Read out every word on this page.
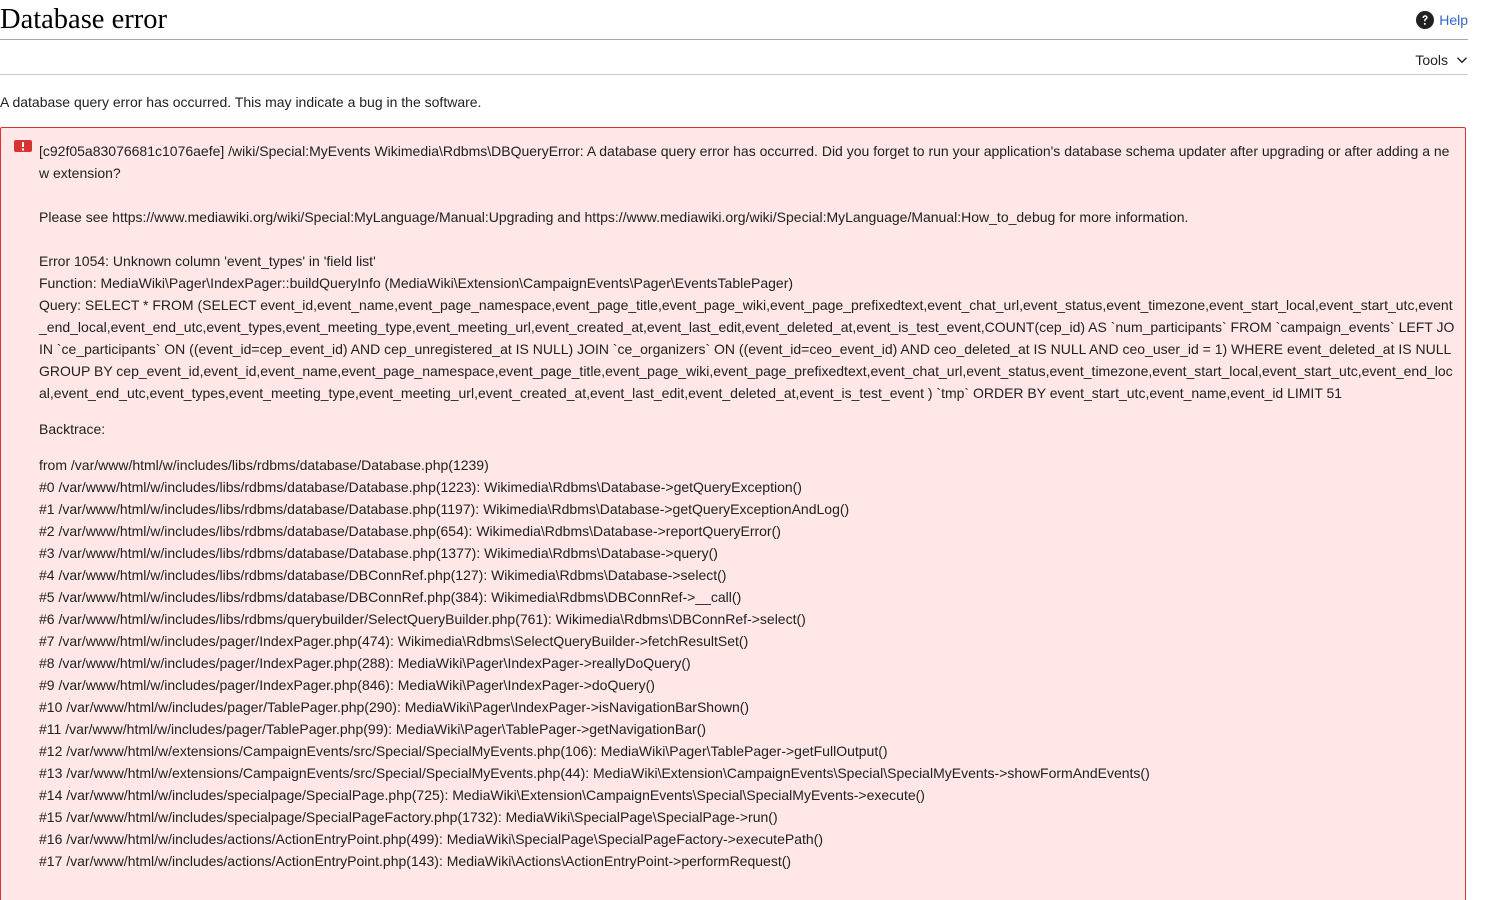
Database error	Help
Tools

A database query error has occurred. This may indicate a bug in the software.

[c92f05a83076681c1076aefe] /wiki/Special:MyEvents Wikimedia\Rdbms\DBQueryError: A database query error has occurred. Did you forget to run your application's database schema updater after upgrading or after adding a new extension?

Please see https://www.mediawiki.org/wiki/Special:MyLanguage/Manual:Upgrading and https://www.mediawiki.org/wiki/Special:MyLanguage/Manual:How_to_debug for more information.

Error 1054: Unknown column 'event_types' in 'field list'

Function: MediaWiki\Pager\IndexPager::buildQueryInfo (MediaWiki\Extension\CampaignEvents\Pager\EventsTablePager)

Query: SELECT * FROM (SELECT event_id,event_name,event_page_namespace,event_page_title,event_page_wiki,event_page_prefixedtext,event_chat_url,event_status,event_timezone,event_start_local,event_start_utc,event_end_local,event_end_utc,event_types,event_meeting_type,event_meeting_url,event_created_at,event_last_edit,event_deleted_at,event_is_test_event,COUNT(cep_id) AS `num_participants` FROM `campaign_events` LEFT JOIN `ce_participants` ON ((event_id=cep_event_id) AND cep_unregistered_at IS NULL) JOIN `ce_organizers` ON ((event_id=ceo_event_id) AND ceo_deleted_at IS NULL AND ceo_user_id = 1) WHERE event_deleted_at IS NULL GROUP BY cep_event_id,event_id,event_name,event_page_namespace,event_page_title,event_page_wiki,event_page_prefixedtext,event_chat_url,event_status,event_timezone,event_start_local,event_start_utc,event_end_local,event_end_utc,event_types,event_meeting_type,event_meeting_url,event_created_at,event_last_edit,event_deleted_at,event_is_test_event ) `tmp` ORDER BY event_start_utc,event_name,event_id LIMIT 51

Backtrace:

from /var/www/html/w/includes/libs/rdbms/database/Database.php(1239)

#0 /var/www/html/w/includes/libs/rdbms/database/Database.php(1223): Wikimedia\Rdbms\Database->getQueryException()

#1 /var/www/html/w/includes/libs/rdbms/database/Database.php(1197): Wikimedia\Rdbms\Database->getQueryExceptionAndLog()

#2 /var/www/html/w/includes/libs/rdbms/database/Database.php(654): Wikimedia\Rdbms\Database->reportQueryError()

#3 /var/www/html/w/includes/libs/rdbms/database/Database.php(1377): Wikimedia\Rdbms\Database->query()

#4 /var/www/html/w/includes/libs/rdbms/database/DBConnRef.php(127): Wikimedia\Rdbms\Database->select()

#5 /var/www/html/w/includes/libs/rdbms/database/DBConnRef.php(384): Wikimedia\Rdbms\DBConnRef->__call()

#6 /var/www/html/w/includes/libs/rdbms/querybuilder/SelectQueryBuilder.php(761): Wikimedia\Rdbms\DBConnRef->select()

#7 /var/www/html/w/includes/pager/IndexPager.php(474): Wikimedia\Rdbms\SelectQueryBuilder->fetchResultSet()

#8 /var/www/html/w/includes/pager/IndexPager.php(288): MediaWiki\Pager\IndexPager->reallyDoQuery()

#9 /var/www/html/w/includes/pager/IndexPager.php(846): MediaWiki\Pager\IndexPager->doQuery()

#10 /var/www/html/w/includes/pager/TablePager.php(290): MediaWiki\Pager\IndexPager->isNavigationBarShown()

#11 /var/www/html/w/includes/pager/TablePager.php(99): MediaWiki\Pager\TablePager->getNavigationBar()

#12 /var/www/html/w/extensions/CampaignEvents/src/Special/SpecialMyEvents.php(106): MediaWiki\Pager\TablePager->getFullOutput()

#13 /var/www/html/w/extensions/CampaignEvents/src/Special/SpecialMyEvents.php(44): MediaWiki\Extension\CampaignEvents\Special\SpecialMyEvents->showFormAndEvents()

#14 /var/www/html/w/includes/specialpage/SpecialPage.php(725): MediaWiki\Extension\CampaignEvents\Special\SpecialMyEvents->execute()

#15 /var/www/html/w/includes/specialpage/SpecialPageFactory.php(1732): MediaWiki\SpecialPage\SpecialPage->run()

#16 /var/www/html/w/includes/actions/ActionEntryPoint.php(499): MediaWiki\SpecialPage\SpecialPageFactory->executePath()

#17 /var/www/html/w/includes/actions/ActionEntryPoint.php(143): MediaWiki\Actions\ActionEntryPoint->performRequest()
